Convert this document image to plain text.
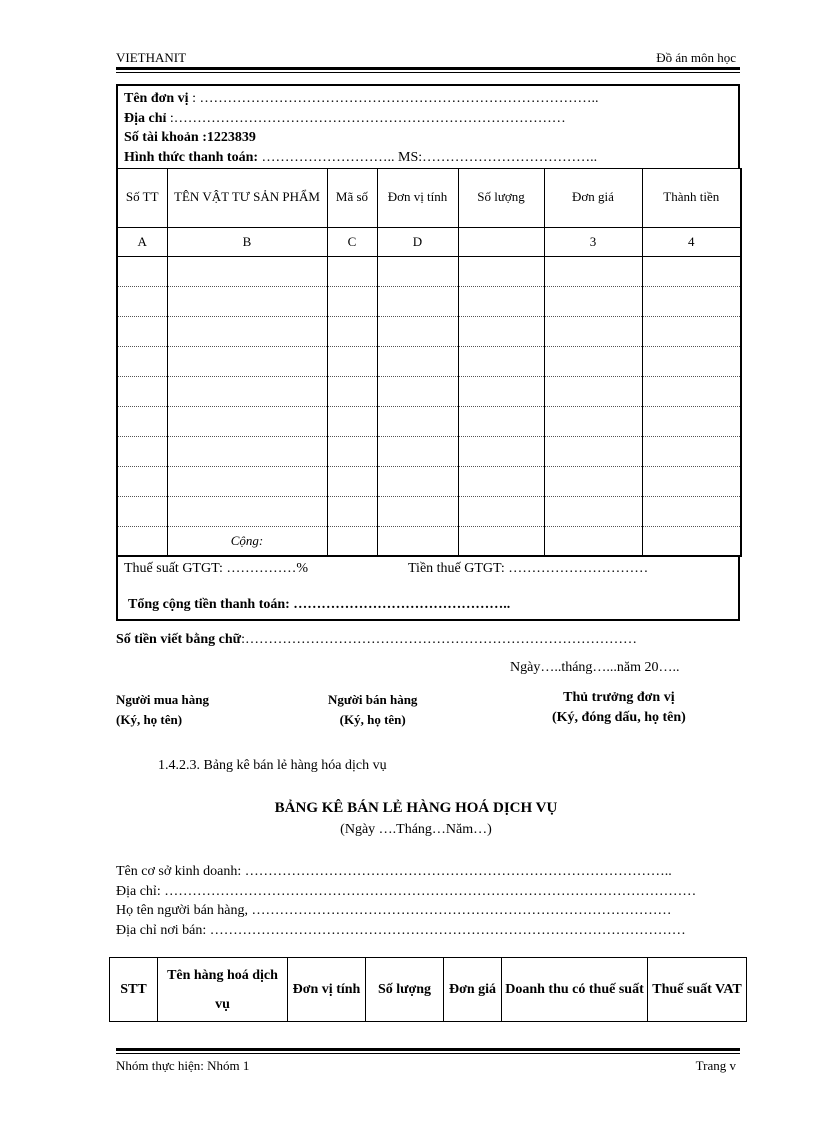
VIETHANIT	Đồ án môn học
Tên đơn vị : …………………………………………………………………………..
Địa chỉ :…………………………………………………………………………
Số tài khoản :1223839
Hình thức thanh toán: ……………………….. MS:………………………………..
Số TT	TÊN VẬT TƯ SẢN PHẨM	Mã số	Đơn vị tính	Số lượng	Đơn giá	Thành tiền
A	B	C	D		3	4

	Cộng:					
Thuế suất GTGT: ……………%	Tiền thuế GTGT: …………………………
Tổng cộng tiền thanh toán: ………………………………………..
Số tiền viết bằng chữ:…………………………………………………………………………
Ngày…..tháng…...năm 20…..
Người mua hàng
(Ký, họ tên)
Người bán hàng
(Ký, họ tên)
Thủ trưởng đơn vị
(Ký, đóng dấu, họ tên)
1.4.2.3. Bảng kê bán lẻ hàng hóa dịch vụ
BẢNG KÊ BÁN LẺ HÀNG HOÁ DỊCH VỤ
(Ngày ….Tháng…Năm…)
Tên cơ sở kinh doanh: ………………………………………………………………………………..
Địa chỉ: ……………………………………………………………………………………………………
Họ tên người bán hàng, ………………………………………………………………………………
Địa chỉ nơi bán: …………………………………………………………………………………………
STT	Tên hàng hoá dịch vụ	Đơn vị tính	Số lượng	Đơn giá	Doanh thu có thuế suất	Thuế suất VAT
Nhóm thực hiện: Nhóm 1	Trang v
